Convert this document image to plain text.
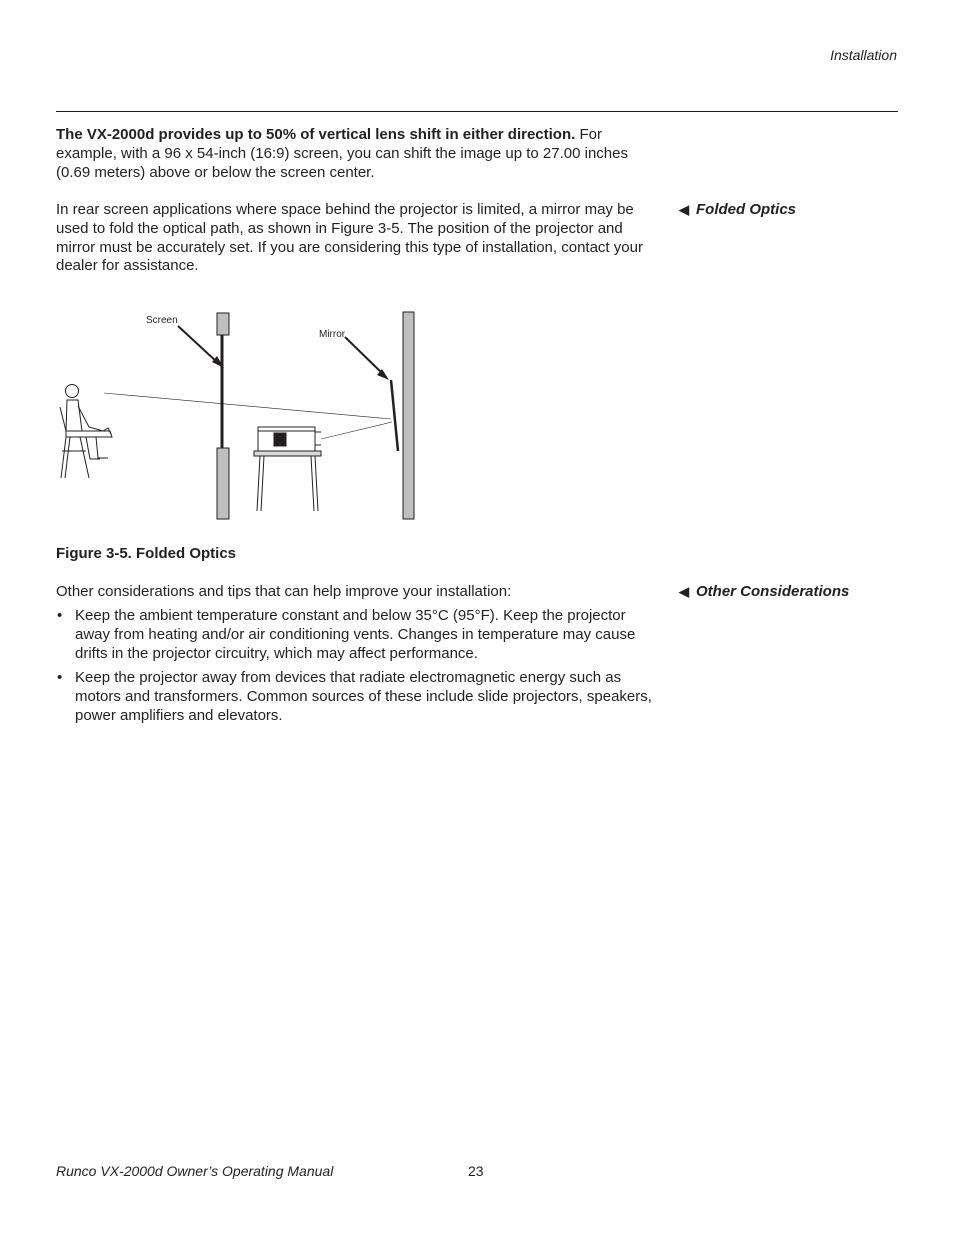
Installation

The VX-2000d provides up to 50% of vertical lens shift in either direction. For example, with a 96 x 54-inch (16:9) screen, you can shift the image up to 27.00 inches (0.69 meters) above or below the screen center.

◀ Folded Optics

In rear screen applications where space behind the projector is limited, a mirror may be used to fold the optical path, as shown in Figure 3-5. The position of the projector and mirror must be accurately set. If you are considering this type of installation, contact your dealer for assistance.

Screen
Mirror
Figure 3-5. Folded Optics
◀ Other Considerations

Other considerations and tips that can help improve your installation:

• Keep the ambient temperature constant and below 35°C (95°F). Keep the projector away from heating and/or air conditioning vents. Changes in temperature may cause drifts in the projector circuitry, which may affect performance.
• Keep the projector away from devices that radiate electromagnetic energy such as motors and transformers. Common sources of these include slide projectors, speakers, power amplifiers and elevators.
Runco VX-2000d Owner’s Operating Manual	23
